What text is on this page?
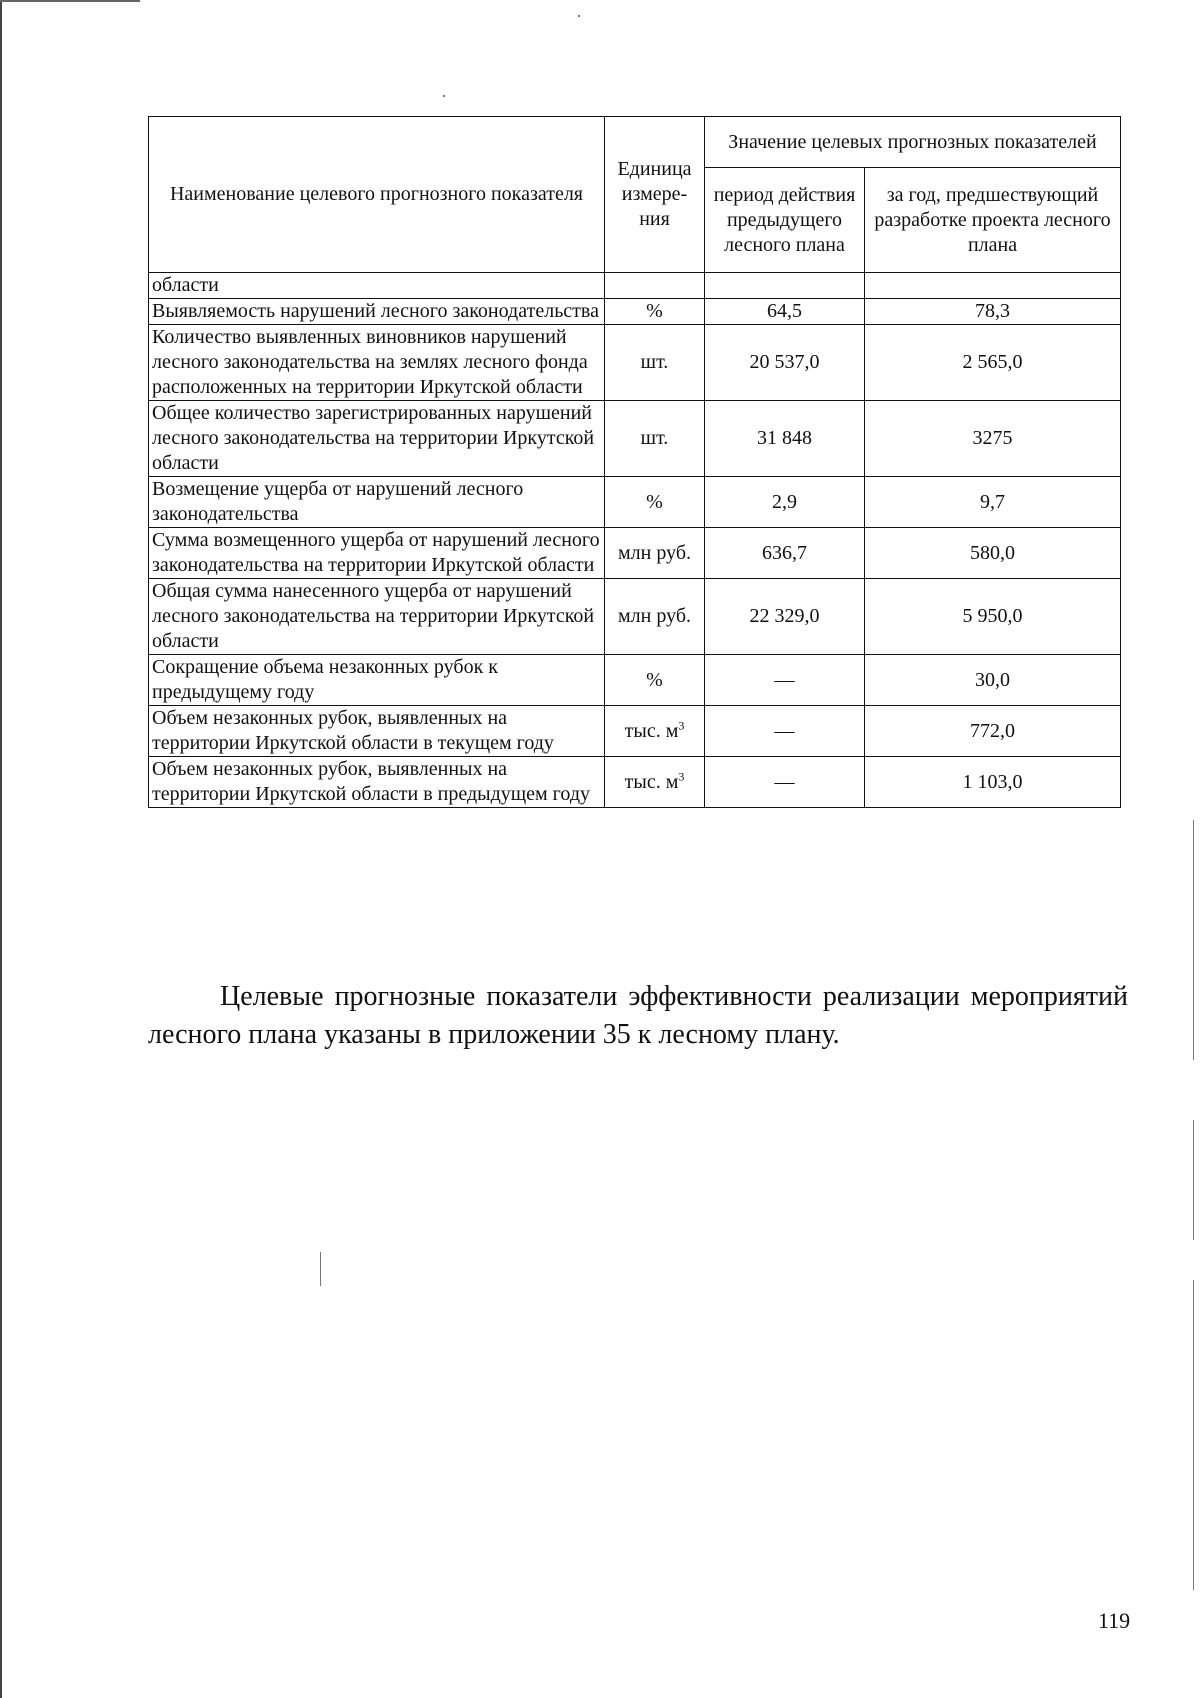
Наименование целевого прогнозного показателя	Единица измере-ния	Значение целевых прогнозных показателей	
		период действия предыдущего лесного плана	за год, предшествующий разработке проекта лесного плана
области			
Выявляемость нарушений лесного законодательства	%	64,5	78,3
Количество выявленных виновников нарушений лесного законодательства на землях лесного фонда расположенных на территории Иркутской области	шт.	20 537,0	2 565,0
Общее количество зарегистрированных нарушений лесного законодательства на территории Иркутской области	шт.	31 848	3275
Возмещение ущерба от нарушений лесного законодательства	%	2,9	9,7
Сумма возмещенного ущерба от нарушений лесного законодательства на территории Иркутской области	млн руб.	636,7	580,0
Общая сумма нанесенного ущерба от нарушений лесного законодательства на территории Иркутской области	млн руб.	22 329,0	5 950,0
Сокращение объема незаконных рубок к предыдущему году	%	—	30,0
Объем незаконных рубок, выявленных на территории Иркутской области в текущем году	тыс. $м^3$	—	772,0
Объем незаконных рубок, выявленных на территории Иркутской области в предыдущем году	тыс. $м^3$	—	1 103,0

Целевые прогнозные показатели эффективности реализации мероприятий лесного плана указаны в приложении 35 к лесному плану.

119
